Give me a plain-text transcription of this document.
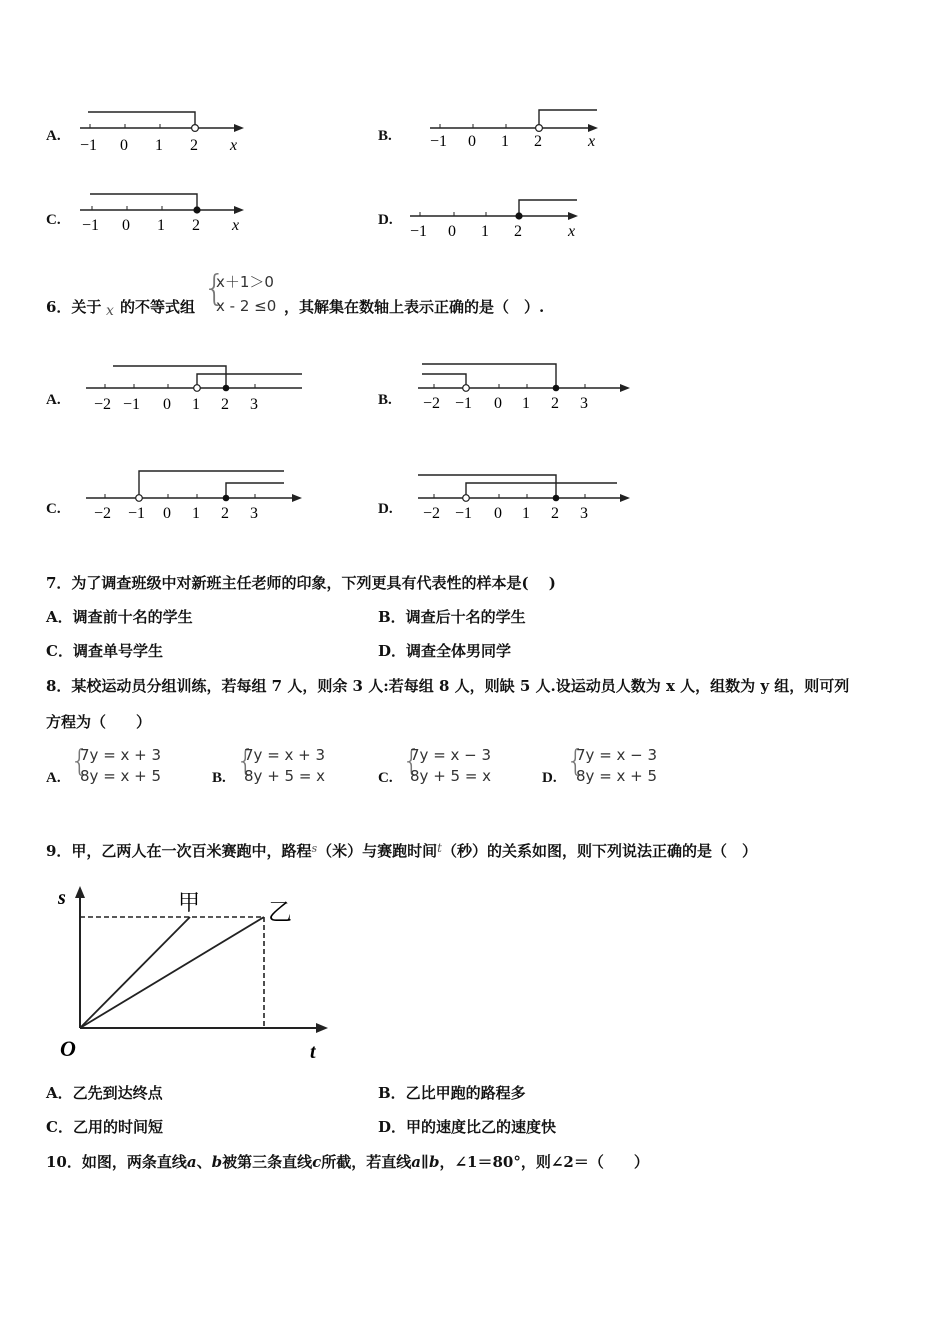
A.
−1 0 1 2 x
B. −1 0 1 2	x
C. −1 0 1 2 x	D.
−1 0 1 2	x
6．关于 x 的不等式组 {
x＋1＞0
x - 2 ≤0 ，其解集在数轴上表示正确的是（　）.
A. −2 −1 0 1 2 3	B. −2 −1 0 1 2 3
C. −2 −1 0 1 2 3	D. −2 −1 0 1 2 3
7．为了调查班级中对新班主任老师的印象，下列更具有代表性的样本是(　 )
A．调查前十名的学生	B．调查后十名的学生
C．调查单号学生	D．调查全体男同学
8．某校运动员分组训练，若每组 7 人，则余 3 人:若每组 8 人，则缺 5 人.设运动员人数为 x 人，组数为 y 组，则可列
方程为（　　）
A. {
7y = x + 3
8y = x + 5	B. {
7y = x + 3
8y + 5 = x	C. {
7y = x − 3
8y + 5 = x	D. {
7y = x − 3
8y = x + 5
9．甲，乙两人在一次百米赛跑中，路程$^s$（米）与赛跑时间$^t$（秒）的关系如图，则下列说法正确的是（　）
s
t
O
甲	乙
A．乙先到达终点	B．乙比甲跑的路程多
C．乙用的时间短	D．甲的速度比乙的速度快
10．如图，两条直线a、b被第三条直线c所截，若直线a∥b，∠1＝80°，则∠2＝（　　）
